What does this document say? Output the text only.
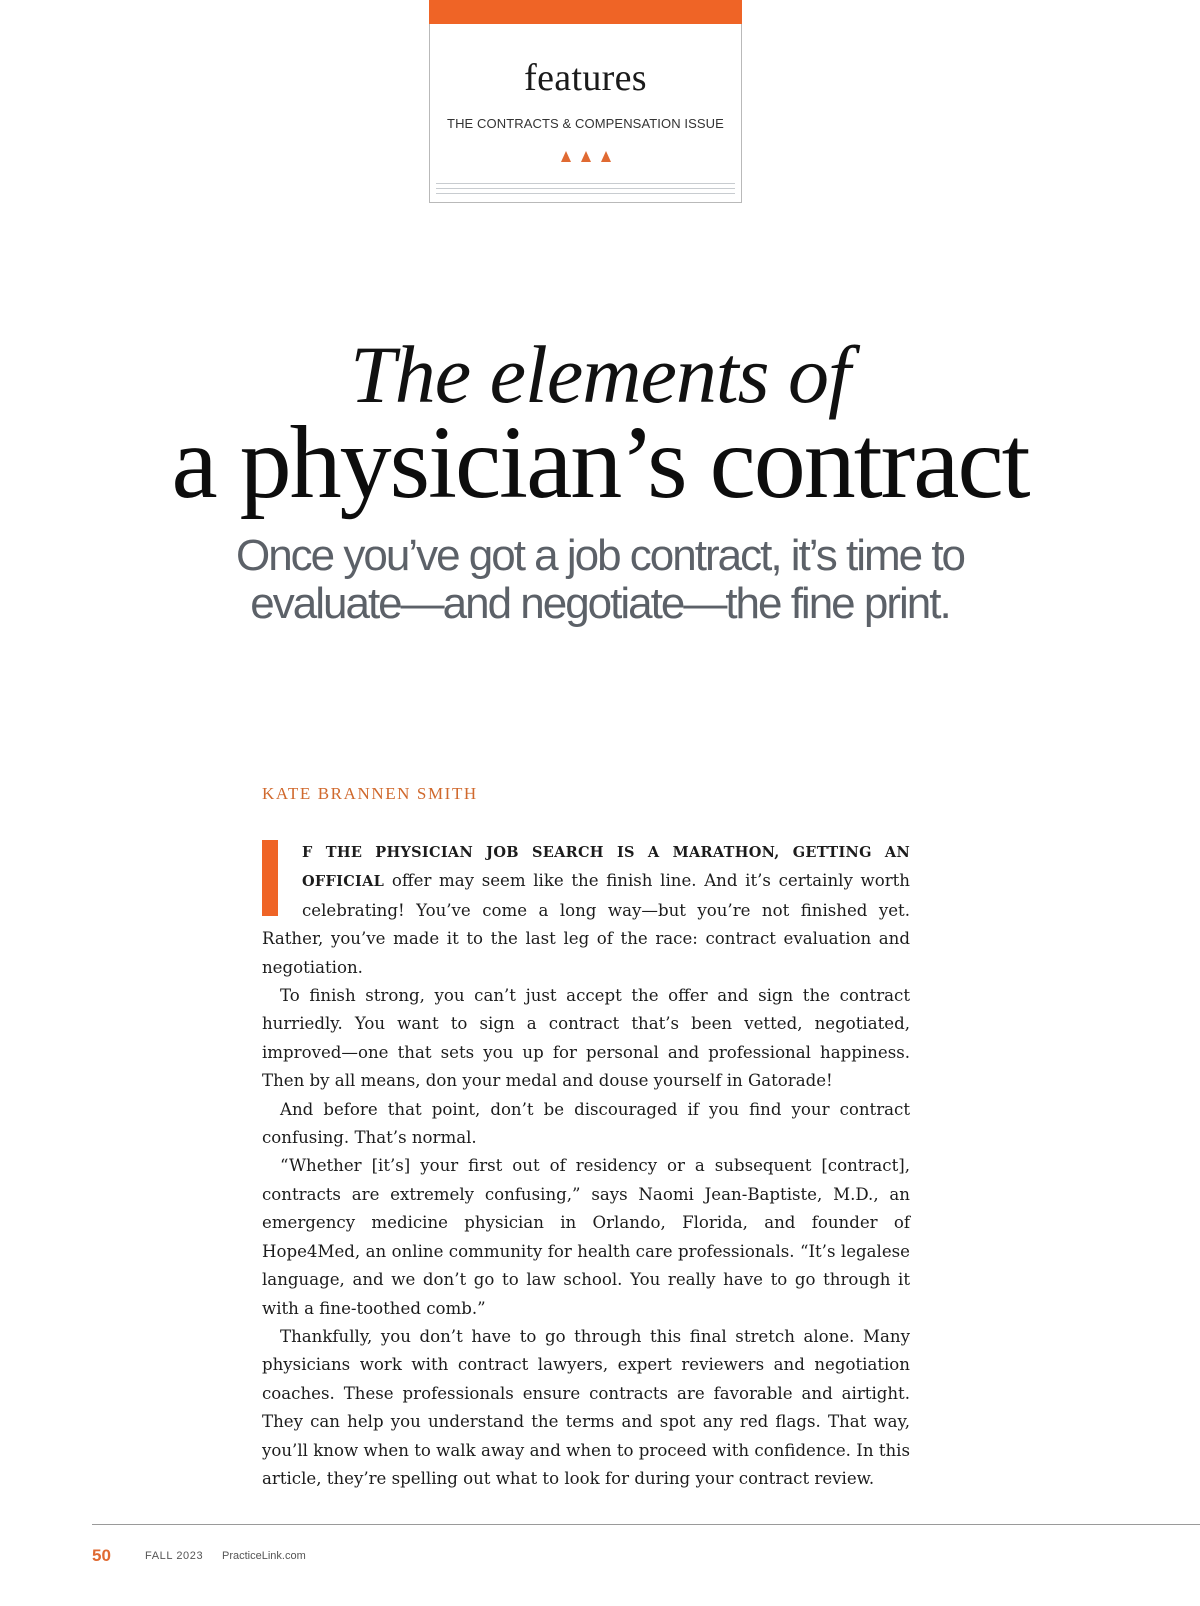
features
THE CONTRACTS & COMPENSATION ISSUE
The elements of
a physician’s contract
Once you’ve got a job contract, it’s time to evaluate—and negotiate—the fine print.
KATE BRANNEN SMITH

F THE PHYSICIAN JOB SEARCH IS A MARATHON, GETTING AN OFFICIAL offer may seem like the finish line. And it’s certainly worth celebrating! You’ve come a long way—but you’re not finished yet. Rather, you’ve made it to the last leg of the race: contract evaluation and negotiation.

To finish strong, you can’t just accept the offer and sign the contract hurriedly. You want to sign a contract that’s been vetted, negotiated, improved—one that sets you up for personal and professional happiness. Then by all means, don your medal and douse yourself in Gatorade!

And before that point, don’t be discouraged if you find your contract confusing. That’s normal.

“Whether [it’s] your first out of residency or a subsequent [contract], contracts are extremely confusing,” says Naomi Jean-Baptiste, M.D., an emergency medicine physician in Orlando, Florida, and founder of Hope4Med, an online community for health care professionals. “It’s legalese language, and we don’t go to law school. You really have to go through it with a fine-toothed comb.”

Thankfully, you don’t have to go through this final stretch alone. Many physicians work with contract lawyers, expert reviewers and negotiation coaches. These professionals ensure contracts are favorable and airtight. They can help you understand the terms and spot any red flags. That way, you’ll know when to walk away and when to proceed with confidence. In this article, they’re spelling out what to look for during your contract review.

50	FALL 2023 PracticeLink.com
